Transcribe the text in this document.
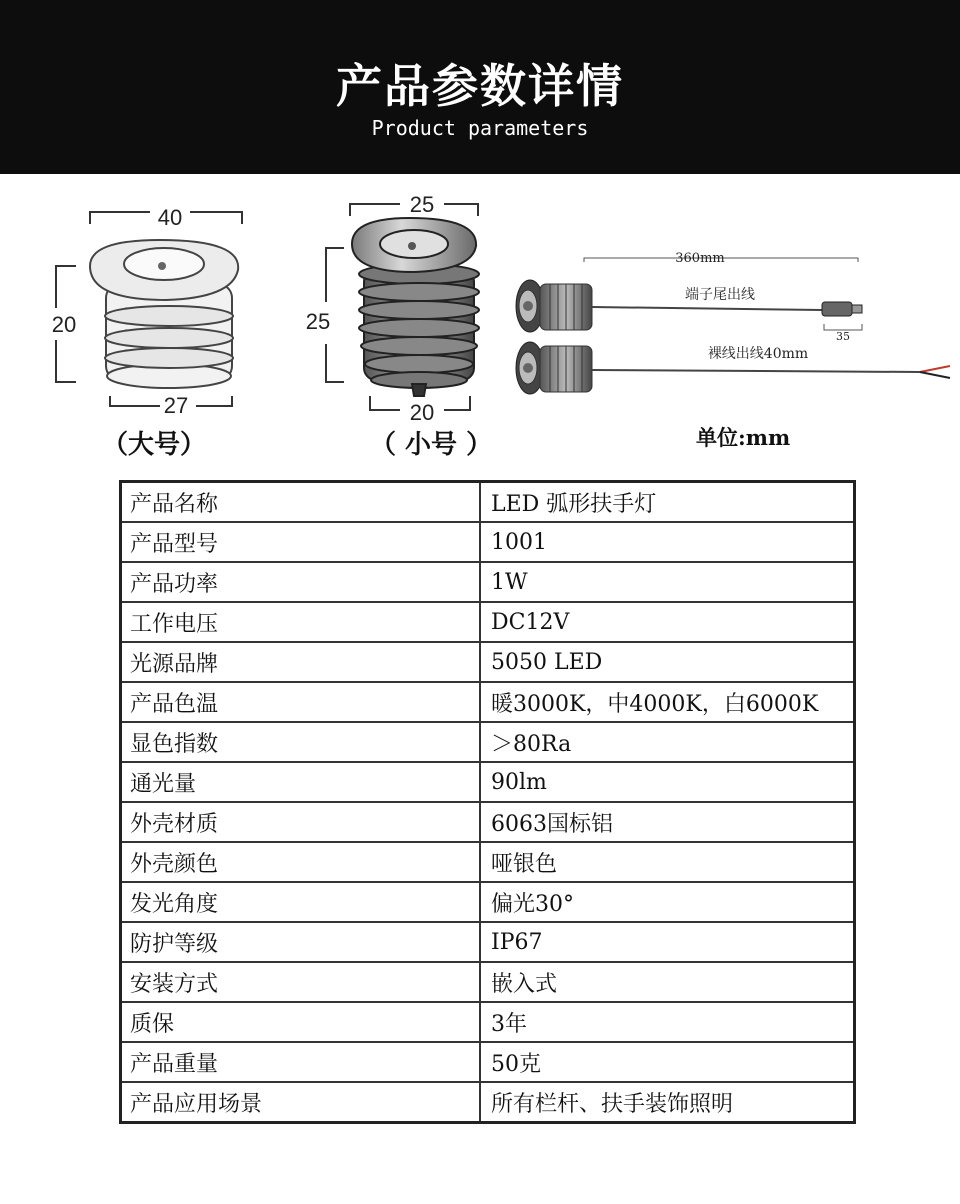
产品参数详情
Product parameters
40
20
27
25
25
20
360mm
端子尾出线
35
裸线出线40mm
（大号）	（ 小号 ）	单位:mm
产品名称	LED 弧形扶手灯
产品型号	1001
产品功率	1W
工作电压	DC12V
光源品牌	5050 LED
产品色温	暖3000K，中4000K，白6000K
显色指数	＞80Ra
通光量	90lm
外壳材质	6063国标铝
外壳颜色	哑银色
发光角度	偏光30°
防护等级	IP67
安装方式	嵌入式
质保	3年
产品重量	50克
产品应用场景	所有栏杆、扶手装饰照明
